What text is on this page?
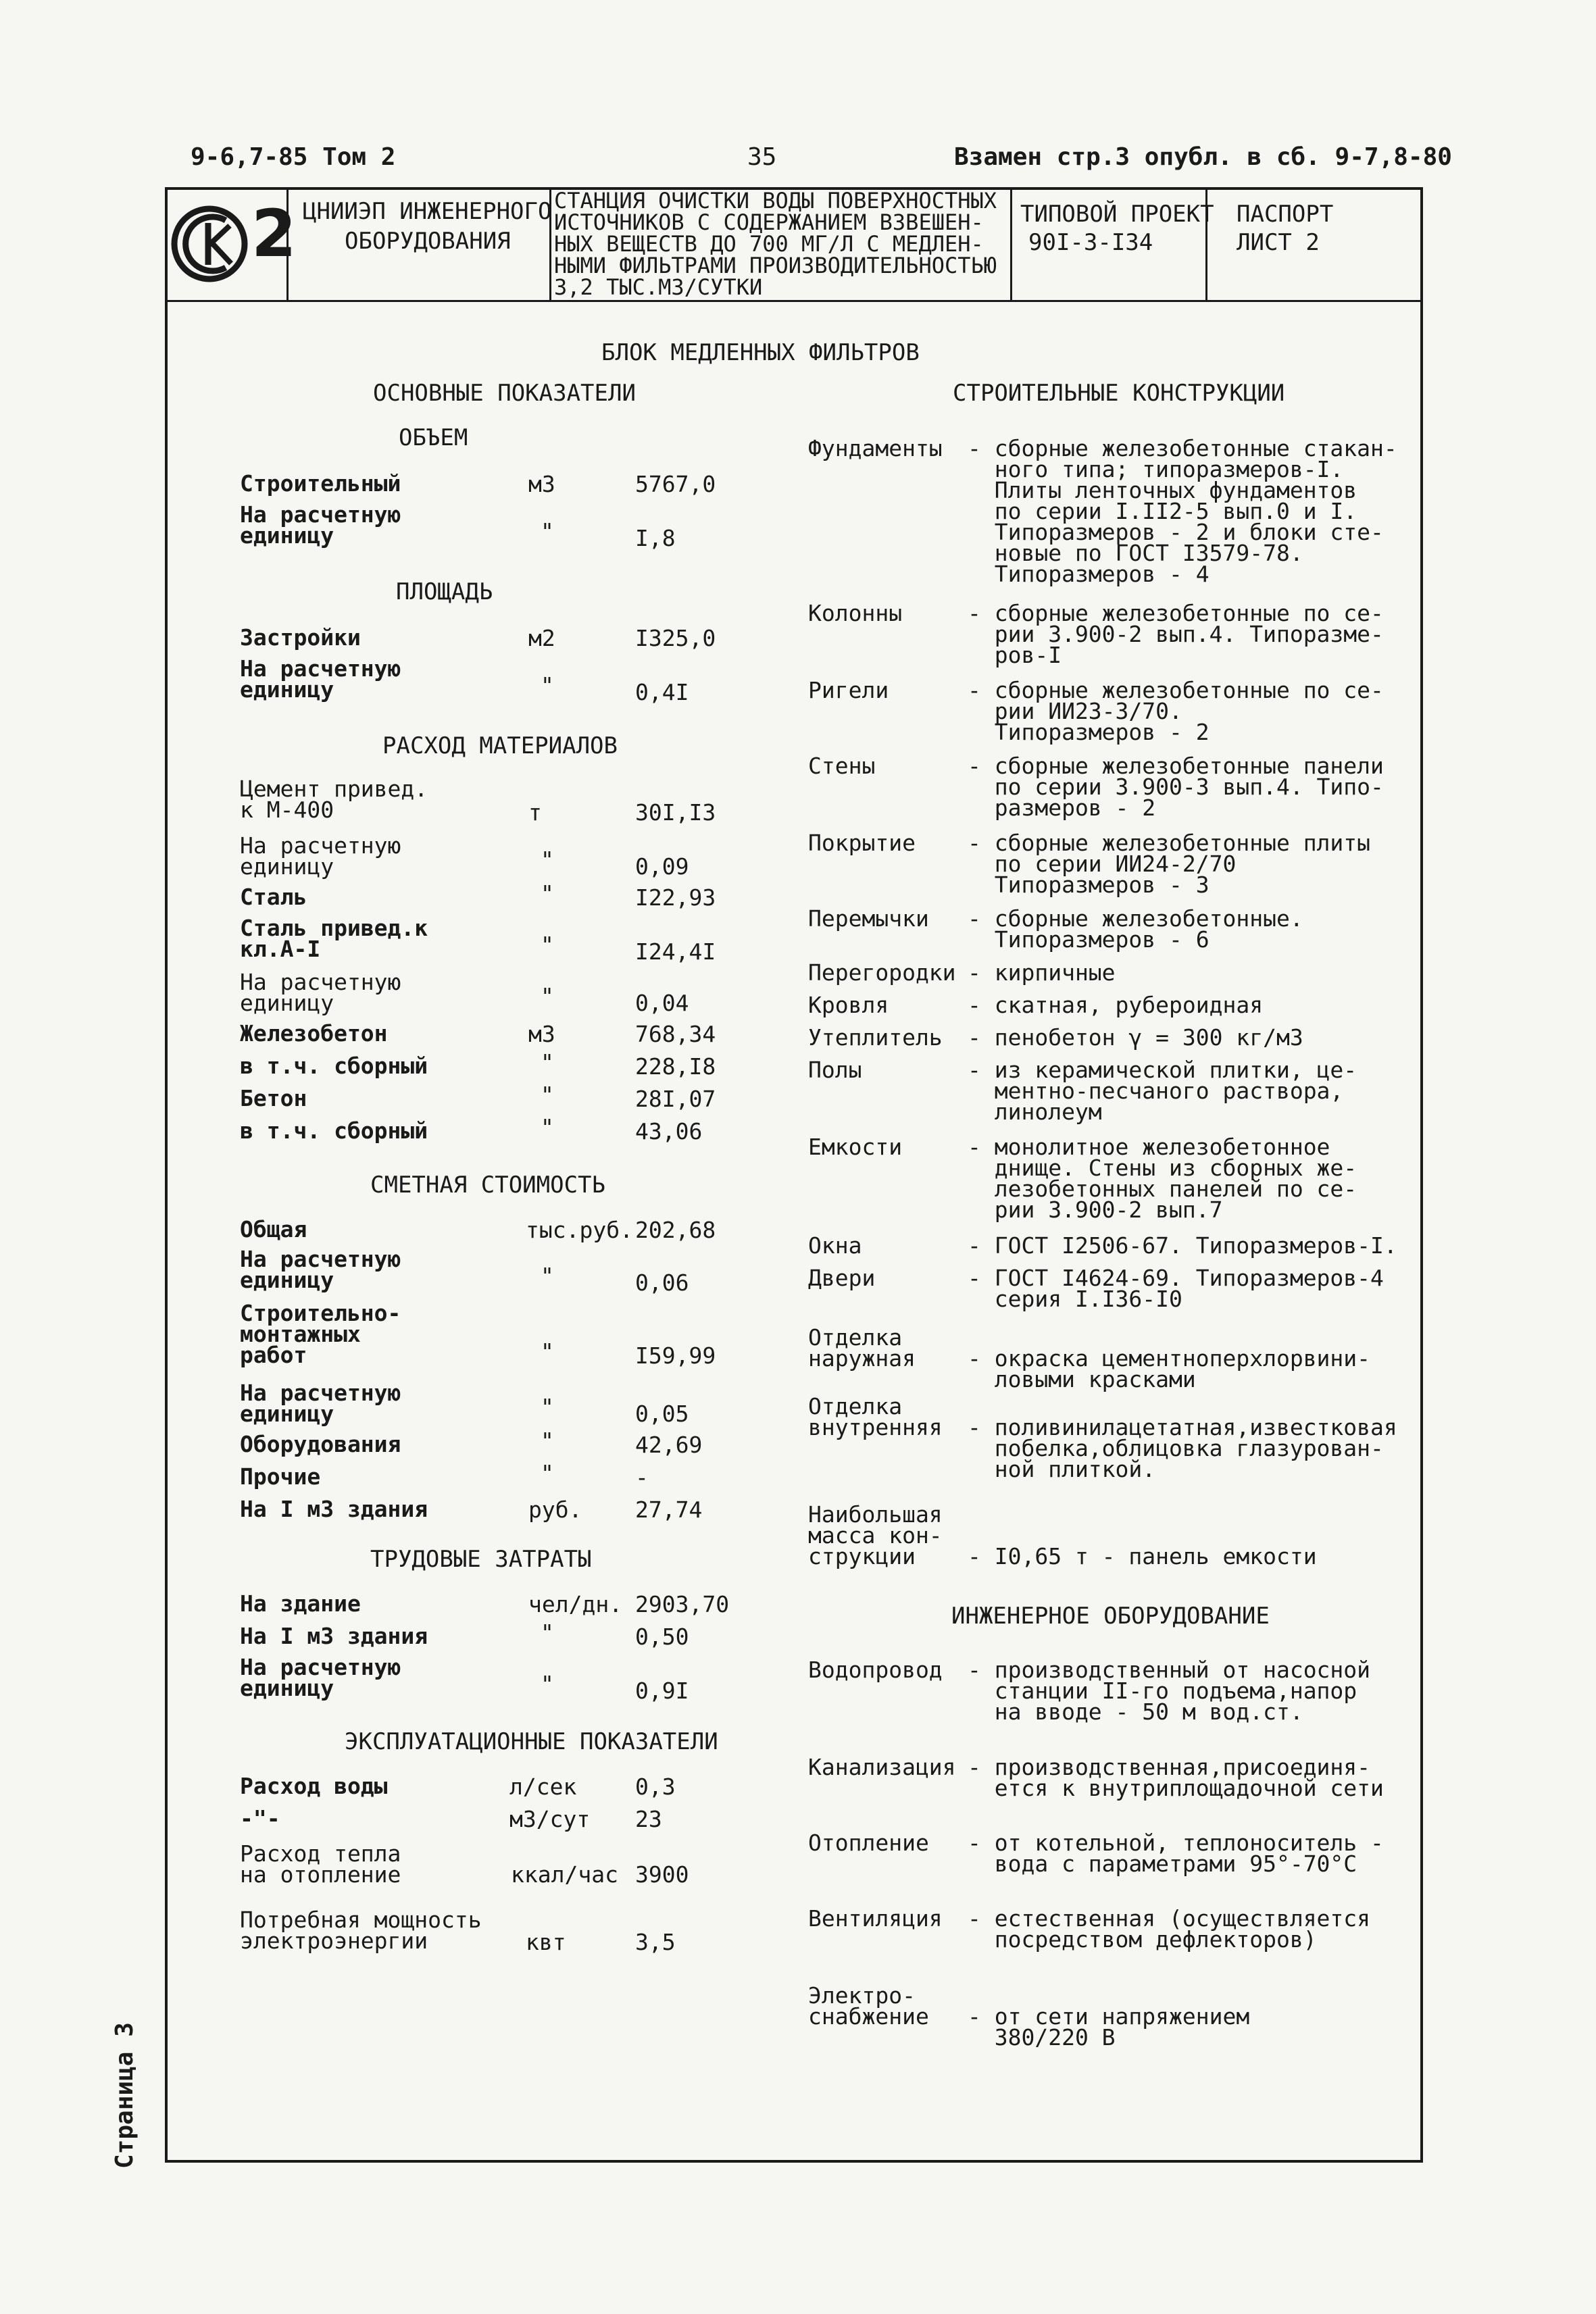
9-6,7-85 Том 2	35	Взамен стр.3 опубл. в сб. 9-7,8-80
2 ЦНИИЭП ИНЖЕНЕРНОГО
ОБОРУДОВАНИЯ
СТАНЦИЯ ОЧИСТКИ ВОДЫ ПОВЕРХНОСТНЫХ
ИСТОЧНИКОВ С СОДЕРЖАНИЕМ ВЗВЕШЕН-
НЫХ ВЕЩЕСТВ ДО 700 МГ/Л С МЕДЛЕН-
НЫМИ ФИЛЬТРАМИ ПРОИЗВОДИТЕЛЬНОСТЬЮ
3,2 ТЫС.М3/СУТКИ
ТИПОВОЙ ПРОЕКТ
90I-3-I34
ПАСПОРТ
ЛИСТ 2
БЛОК МЕДЛЕННЫХ ФИЛЬТРОВ
ОСНОВНЫЕ ПОКАЗАТЕЛИ
ОБЪЕМ
Строительный	м3	5767,0
На расчетную
единицу	"	I,8
ПЛОЩАДЬ
Застройки	м2	I325,0
На расчетную
единицу	"	0,4I
РАСХОД МАТЕРИАЛОВ
Цемент привед.
к М-400	т	30I,I3
На расчетную
единицу	"	0,09
Сталь	"	I22,93
Сталь привед.к
кл.А-I	"	I24,4I
На расчетную
единицу	"	0,04
Железобетон	м3	768,34
в т.ч. сборный	"	228,I8
Бетон	"	28I,07
в т.ч. сборный	"	43,06
СМЕТНАЯ СТОИМОСТЬ
Общая	тыс.руб. 202,68
На расчетную
единицу	"	0,06
Строительно-
монтажных
работ	"	I59,99
На расчетную
единицу	"	0,05
Оборудования	"	42,69
Прочие	"	-
На I м3 здания	руб. 27,74
ТРУДОВЫЕ ЗАТРАТЫ
На здание	чел/дн. 2903,70
На I м3 здания	"	0,50
На расчетную
единицу	"	0,9I
ЭКСПЛУАТАЦИОННЫЕ ПОКАЗАТЕЛИ
Расход воды	л/сек	0,3
-"-	м3/сут 23
Расход тепла
на отопление	ккал/час 3900
Потребная мощность
электроэнергии	квт	3,5
СТРОИТЕЛЬНЫЕ КОНСТРУКЦИИ
Фундаменты - сборные железобетонные стакан-
ного типа; типоразмеров-I.
Плиты ленточных фундаментов
по серии I.II2-5 вып.0 и I.
Типоразмеров - 2 и блоки сте-
новые по ГОСТ I3579-78.
Типоразмеров - 4
Колонны	- сборные железобетонные по се-
рии 3.900-2 вып.4. Типоразме-
ров-I
Ригели	- сборные железобетонные по се-
рии ИИ23-3/70.
Типоразмеров - 2
Стены	- сборные железобетонные панели
по серии 3.900-3 вып.4. Типо-
размеров - 2
Покрытие - сборные железобетонные плиты
по серии ИИ24-2/70
Типоразмеров - 3
Перемычки - сборные железобетонные.
Типоразмеров - 6
Перегородки - кирпичные
Кровля	- скатная, рубероидная
Утеплитель - пенобетон γ = 300 кг/м3
Полы	- из керамической плитки, це-
ментно-песчаного раствора,
линолеум
Емкости	- монолитное железобетонное
днище. Стены из сборных же-
лезобетонных панелей по се-
рии 3.900-2 вып.7
Окна	- ГОСТ I2506-67. Типоразмеров-I.
Двери	- ГОСТ I4624-69. Типоразмеров-4
серия I.I36-I0
Отделка
наружная
- окраска цементноперхлорвини-
ловыми красками
Отделка
внутренняя
- поливинилацетатная,известковая
побелка,облицовка глазурован-
ной плиткой.
Наибольшая
масса кон-
струкции	

- I0,65 т - панель емкости
ИНЖЕНЕРНОЕ ОБОРУДОВАНИЕ
Водопровод - производственный от насосной
станции II-го подъема,напор
на вводе - 50 м вод.ст.
Канализация - производственная,присоединя-
ется к внутриплощадочной сети
Отопление - от котельной, теплоноситель -
вода с параметрами 95°-70°С
Вентиляция - естественная (осуществляется
посредством дефлекторов)
Электро-
снабжение
- от сети напряжением
380/220 В
Страница 3
